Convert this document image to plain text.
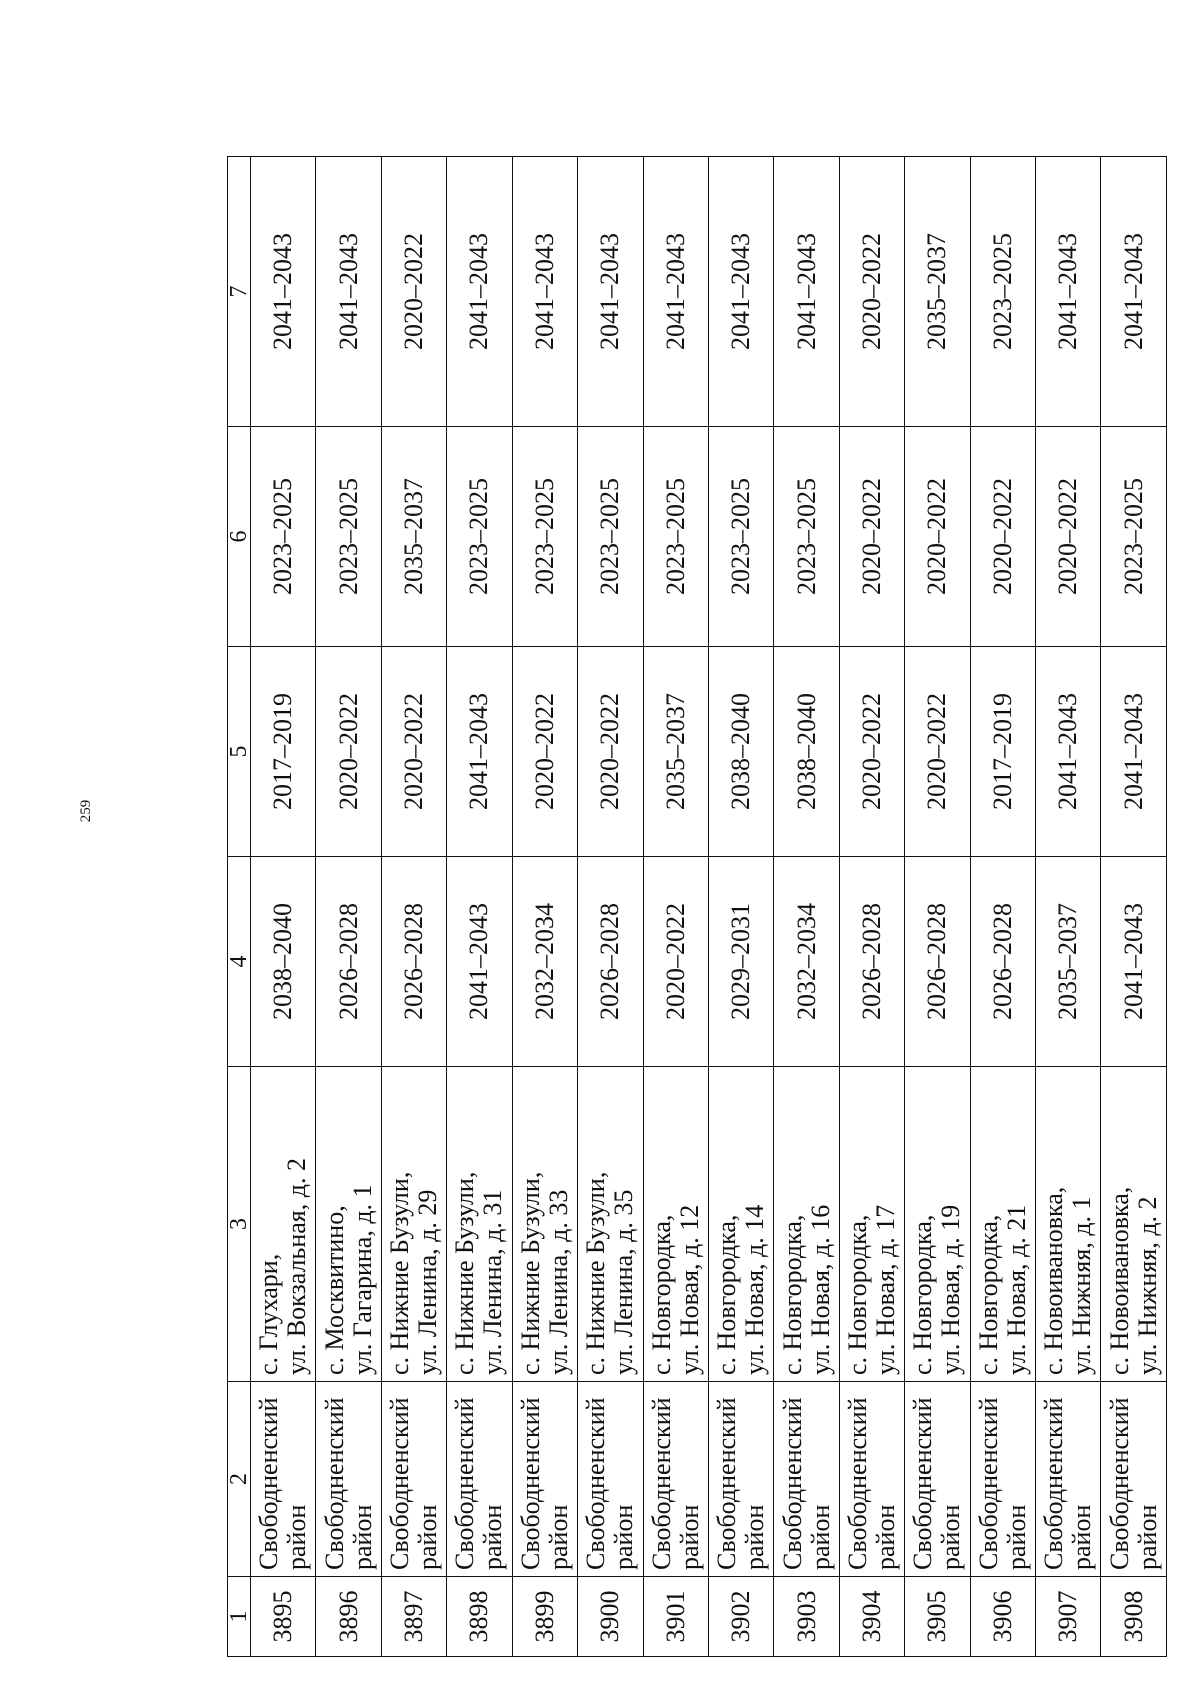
259
1	2	3	4	5	6	7
3895	Свободненский район	с. Глухари, ул. Вокзальная, д. 2	2038–2040	2017–2019	2023–2025	2041–2043
3896	Свободненский район	с. Москвитино, ул. Гагарина, д. 1	2026–2028	2020–2022	2023–2025	2041–2043
3897	Свободненский район	с. Нижние Бузули, ул. Ленина, д. 29	2026–2028	2020–2022	2035–2037	2020–2022
3898	Свободненский район	с. Нижние Бузули, ул. Ленина, д. 31	2041–2043	2041–2043	2023–2025	2041–2043
3899	Свободненский район	с. Нижние Бузули, ул. Ленина, д. 33	2032–2034	2020–2022	2023–2025	2041–2043
3900	Свободненский район	с. Нижние Бузули, ул. Ленина, д. 35	2026–2028	2020–2022	2023–2025	2041–2043
3901	Свободненский район	с. Новгородка, ул. Новая, д. 12	2020–2022	2035–2037	2023–2025	2041–2043
3902	Свободненский район	с. Новгородка, ул. Новая, д. 14	2029–2031	2038–2040	2023–2025	2041–2043
3903	Свободненский район	с. Новгородка, ул. Новая, д. 16	2032–2034	2038–2040	2023–2025	2041–2043
3904	Свободненский район	с. Новгородка, ул. Новая, д. 17	2026–2028	2020–2022	2020–2022	2020–2022
3905	Свободненский район	с. Новгородка, ул. Новая, д. 19	2026–2028	2020–2022	2020–2022	2035–2037
3906	Свободненский район	с. Новгородка, ул. Новая, д. 21	2026–2028	2017–2019	2020–2022	2023–2025
3907	Свободненский район	с. Новоивановка, ул. Нижняя, д. 1	2035–2037	2041–2043	2020–2022	2041–2043
3908	Свободненский район	с. Новоивановка, ул. Нижняя, д. 2	2041–2043	2041–2043	2023–2025	2041–2043
